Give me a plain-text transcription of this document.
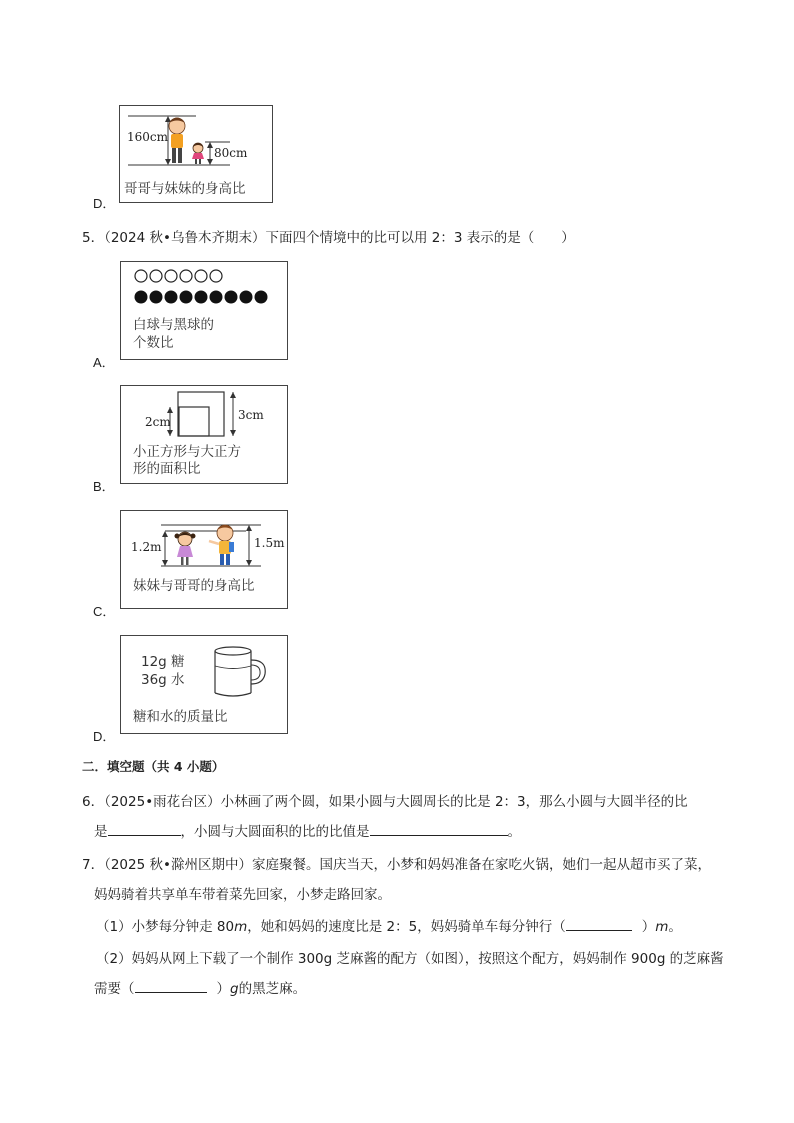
D．
160cm
80cm
哥哥与妹妹的身高比
5．（2024 秋•乌鲁木齐期末）下面四个情境中的比可以用 2：3 表示的是（　　）
A．
白球与黑球的
个数比
B．
2cm	3cm
小正方形与大正方
形的面积比
C．
1.2m	1.5m
妹妹与哥哥的身高比
D．
12g 糖
36g 水
糖和水的质量比
二．填空题（共 4 小题）
6．（2025•雨花台区）小林画了两个圆，如果小圆与大圆周长的比是 2：3，那么小圆与大圆半径的比
是	，小圆与大圆面积的比的比值是	。
7．（2025 秋•滁州区期中）家庭聚餐。国庆当天，小梦和妈妈准备在家吃火锅，她们一起从超市买了菜，
妈妈骑着共享单车带着菜先回家，小梦走路回家。
（1）小梦每分钟走 80m，她和妈妈的速度比是 2：5，妈妈骑单车每分钟行（	）m。
（2）妈妈从网上下载了一个制作 300g 芝麻酱的配方（如图），按照这个配方，妈妈制作 900g 的芝麻酱
需要（	）g的黑芝麻。
